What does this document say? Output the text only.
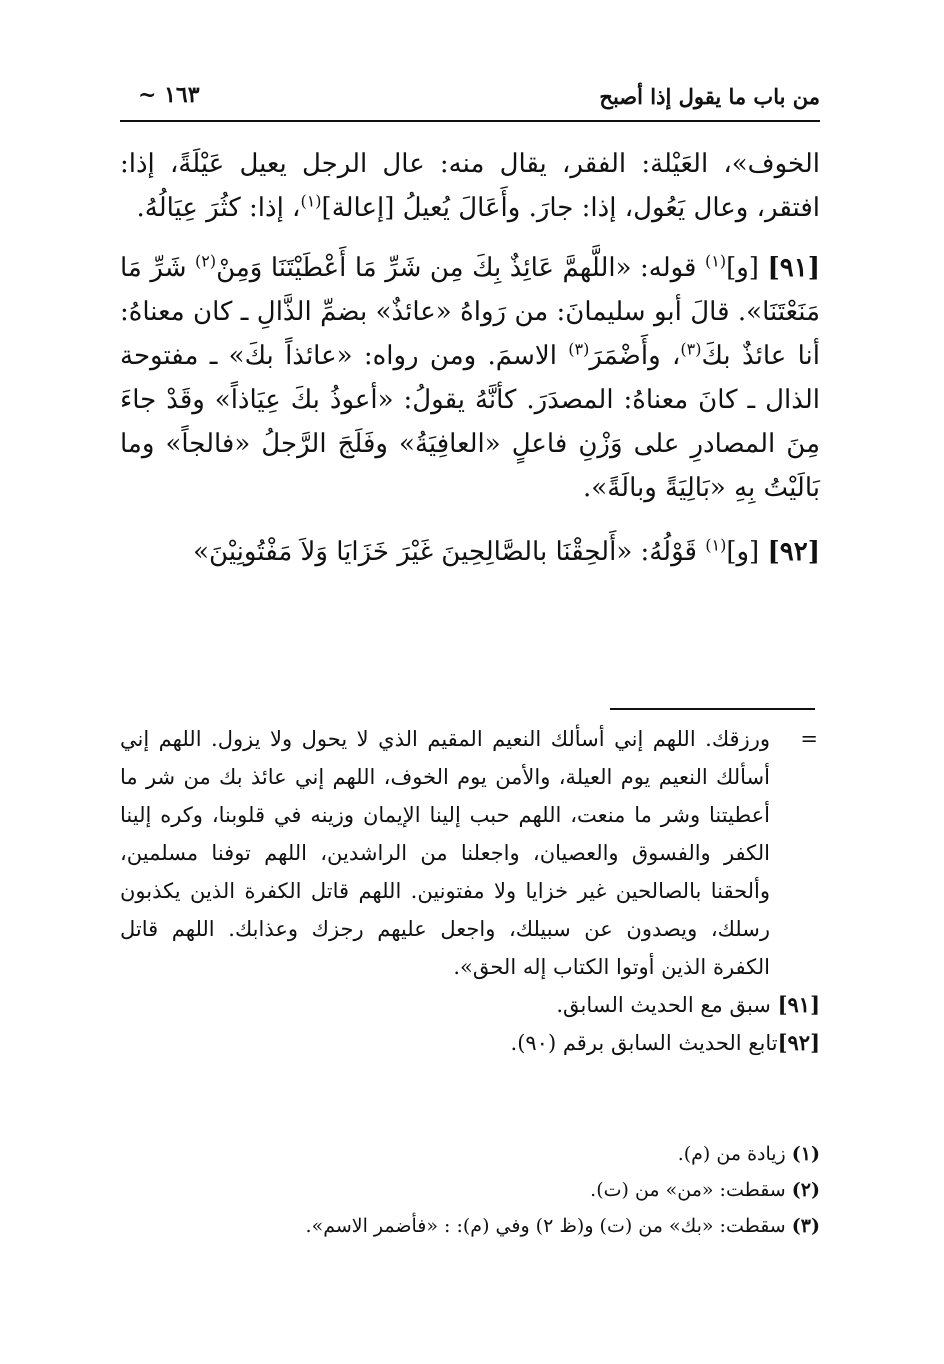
من باب ما يقول إذا أصبح
١٦٣ ~

الخوف»، العَيْلة: الفقر، يقال منه: عال الرجل يعيل عَيْلَةً، إذا: افتقر، وعال يَعُول، إذا: جارَ. وأَعَالَ يُعيلُ [إعالة]$^{(١)}$، إذا: كثُرَ عِيَالُهُ.

[٩١] [و]$^{(١)}$ قوله: «اللَّهمَّ عَائِذٌ بِكَ مِن شَرِّ مَا أَعْطَيْتَنَا وَمِنْ$^{(٢)}$ شَرِّ مَا مَنَعْتَنَا». قالَ أبو سليمانَ: من رَواهُ «عائذٌ» بضمِّ الذَّالِ ـ كان معناهُ: أنا عائذٌ بكَ$^{(٣)}$، وأَضْمَرَ$^{(٣)}$ الاسمَ. ومن رواه: «عائذاً بكَ» ـ مفتوحة الذال ـ كانَ معناهُ: المصدَرَ. كأنَّهُ يقولُ: «أعوذُ بكَ عِيَاذاً» وقَدْ جاءَ مِنَ المصادرِ على وَزْنِ فاعلٍ «العافِيَةُ» وفَلَجَ الرَّجلُ «فالجاً» وما بَالَيْتُ بِهِ «بَالِيَةً وبالَةً».

[٩٢] [و]$^{(١)}$ قَوْلُهُ: «أَلحِقْنَا بالصَّالِحِينَ غَيْرَ خَزَايَا وَلاَ مَفْتُونِيْنَ»

=
ورزقك. اللهم إني أسألك النعيم المقيم الذي لا يحول ولا يزول. اللهم إني أسألك النعيم يوم العيلة، والأمن يوم الخوف، اللهم إني عائذ بك من شر ما أعطيتنا وشر ما منعت، اللهم حبب إلينا الإيمان وزينه في قلوبنا، وكره إلينا الكفر والفسوق والعصيان، واجعلنا من الراشدين، اللهم توفنا مسلمين، وألحقنا بالصالحين غير خزايا ولا مفتونين. اللهم قاتل الكفرة الذين يكذبون رسلك، ويصدون عن سبيلك، واجعل عليهم رجزك وعذابك. اللهم قاتل الكفرة الذين أوتوا الكتاب إله الحق».

[٩١] سبق مع الحديث السابق.

[٩٢]تابع الحديث السابق برقم (٩٠).

(١) زيادة من (م).

(٢) سقطت: «من» من (ت).

(٣) سقطت: «بك» من (ت) و(ظ ٢) وفي (م): : «فأضمر الاسم».
